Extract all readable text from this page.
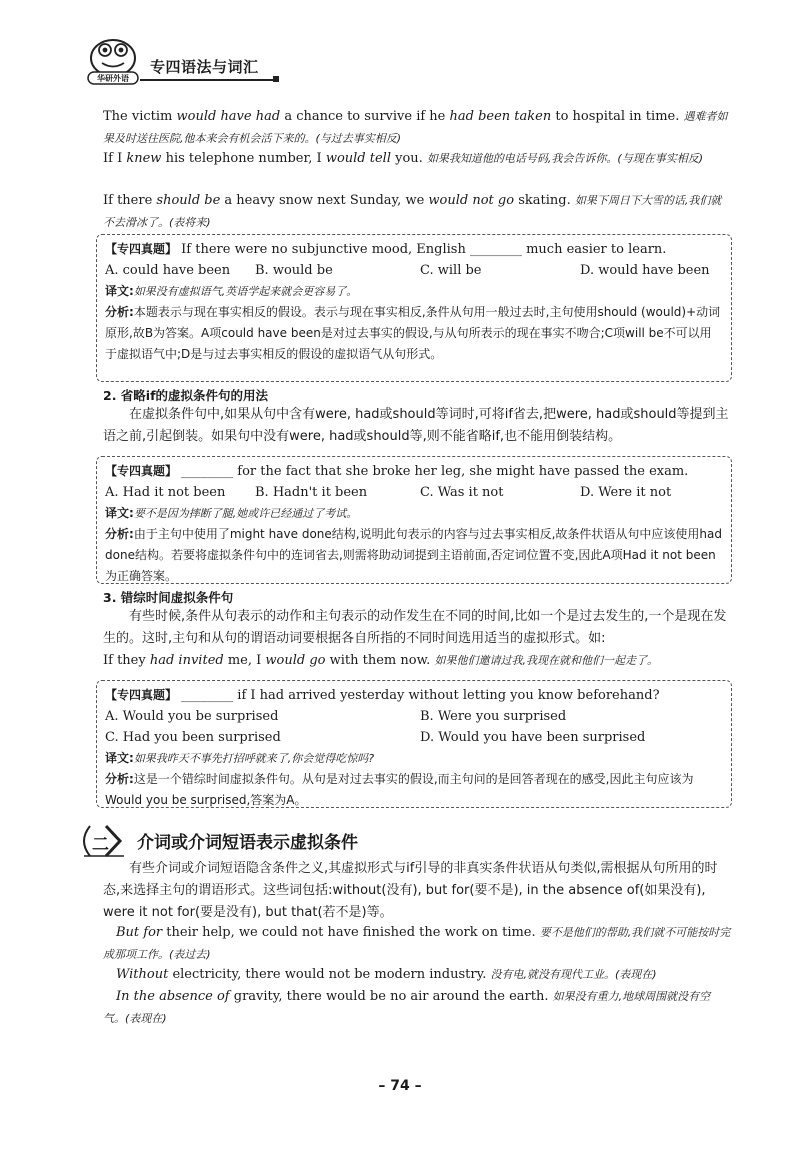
华研外语
专四语法与词汇
The victim would have had a chance to survive if he had been taken to hospital in time. 遇难者如果及时送往医院,他本来会有机会活下来的。(与过去事实相反)
If I knew his telephone number, I would tell you. 如果我知道他的电话号码,我会告诉你。(与现在事实相反)
If there should be a heavy snow next Sunday, we would not go skating. 如果下周日下大雪的话,我们就不去滑冰了。(表将来)
【专四真题】 If there were no subjunctive mood, English ________ much easier to learn.
A. could have been	B. would be	C. will be	D. would have been
译文:如果没有虚拟语气,英语学起来就会更容易了。
分析:本题表示与现在事实相反的假设。表示与现在事实相反,条件从句用一般过去时,主句使用should (would)+动词原形,故B为答案。A项could have been是对过去事实的假设,与从句所表示的现在事实不吻合;C项will be不可以用于虚拟语气中;D是与过去事实相反的假设的虚拟语气从句形式。
2. 省略if的虚拟条件句的用法
在虚拟条件句中,如果从句中含有were, had或should等词时,可将if省去,把were, had或should等提到主语之前,引起倒装。如果句中没有were, had或should等,则不能省略if,也不能用倒装结构。
【专四真题】 ________ for the fact that she broke her leg, she might have passed the exam.
A. Had it not been	B. Hadn't it been	C. Was it not	D. Were it not
译文:要不是因为摔断了腿,她或许已经通过了考试。
分析:由于主句中使用了might have done结构,说明此句表示的内容与过去事实相反,故条件状语从句中应该使用had done结构。若要将虚拟条件句中的连词省去,则需将助动词提到主语前面,否定词位置不变,因此A项Had it not been为正确答案。
3. 错综时间虚拟条件句
有些时候,条件从句表示的动作和主句表示的动作发生在不同的时间,比如一个是过去发生的,一个是现在发生的。这时,主句和从句的谓语动词要根据各自所指的不同时间选用适当的虚拟形式。如:
If they had invited me, I would go with them now. 如果他们邀请过我,我现在就和他们一起走了。
【专四真题】 ________ if I had arrived yesterday without letting you know beforehand?
A. Would you be surprised	B. Were you surprised
C. Had you been surprised	D. Would you have been surprised
译文:如果我昨天不事先打招呼就来了,你会觉得吃惊吗?
分析:这是一个错综时间虚拟条件句。从句是对过去事实的假设,而主句问的是回答者现在的感受,因此主句应该为Would you be surprised,答案为A。
二 介词或介词短语表示虚拟条件
有些介词或介词短语隐含条件之义,其虚拟形式与if引导的非真实条件状语从句类似,需根据从句所用的时态,来选择主句的谓语形式。这些词包括:without(没有), but for(要不是), in the absence of(如果没有), were it not for(要是没有), but that(若不是)等。
But for their help, we could not have finished the work on time. 要不是他们的帮助,我们就不可能按时完成那项工作。(表过去)
Without electricity, there would not be modern industry. 没有电,就没有现代工业。(表现在)
In the absence of gravity, there would be no air around the earth. 如果没有重力,地球周围就没有空气。(表现在)
– 74 –
